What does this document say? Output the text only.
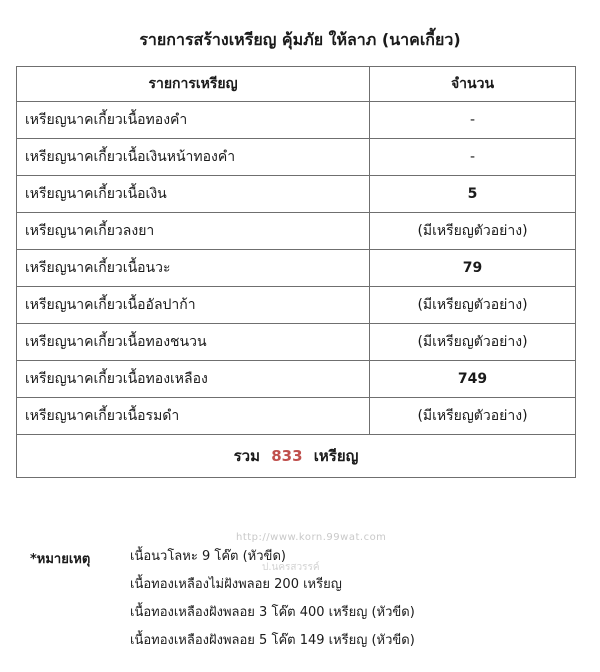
รายการสร้างเหรียญ คุ้มภัย ให้ลาภ (นาคเกี้ยว)
รายการเหรียญ	จำนวน
เหรียญนาคเกี้ยวเนื้อทองคำ	-
เหรียญนาคเกี้ยวเนื้อเงินหน้าทองคำ	-
เหรียญนาคเกี้ยวเนื้อเงิน	5
เหรียญนาคเกี้ยวลงยา	(มีเหรียญตัวอย่าง)
เหรียญนาคเกี้ยวเนื้อนวะ	79
เหรียญนาคเกี้ยวเนื้ออัลปาก้า	(มีเหรียญตัวอย่าง)
เหรียญนาคเกี้ยวเนื้อทองชนวน	(มีเหรียญตัวอย่าง)
เหรียญนาคเกี้ยวเนื้อทองเหลือง	749
เหรียญนาคเกี้ยวเนื้อรมดำ	(มีเหรียญตัวอย่าง)
รวม 833 เหรียญ	
http://www.korn.99wat.com
*หมายเหตุ	เนื้อนวโลหะ 9 โค๊ต (หัวขีด)
เนื้อทองเหลืองไม่ฝังพลอย 200 เหรียญ
เนื้อทองเหลืองฝังพลอย 3 โค๊ต 400 เหรียญ (หัวขีด)
เนื้อทองเหลืองฝังพลอย 5 โค๊ต 149 เหรียญ (หัวขีด)
ป.นครสวรรค์
